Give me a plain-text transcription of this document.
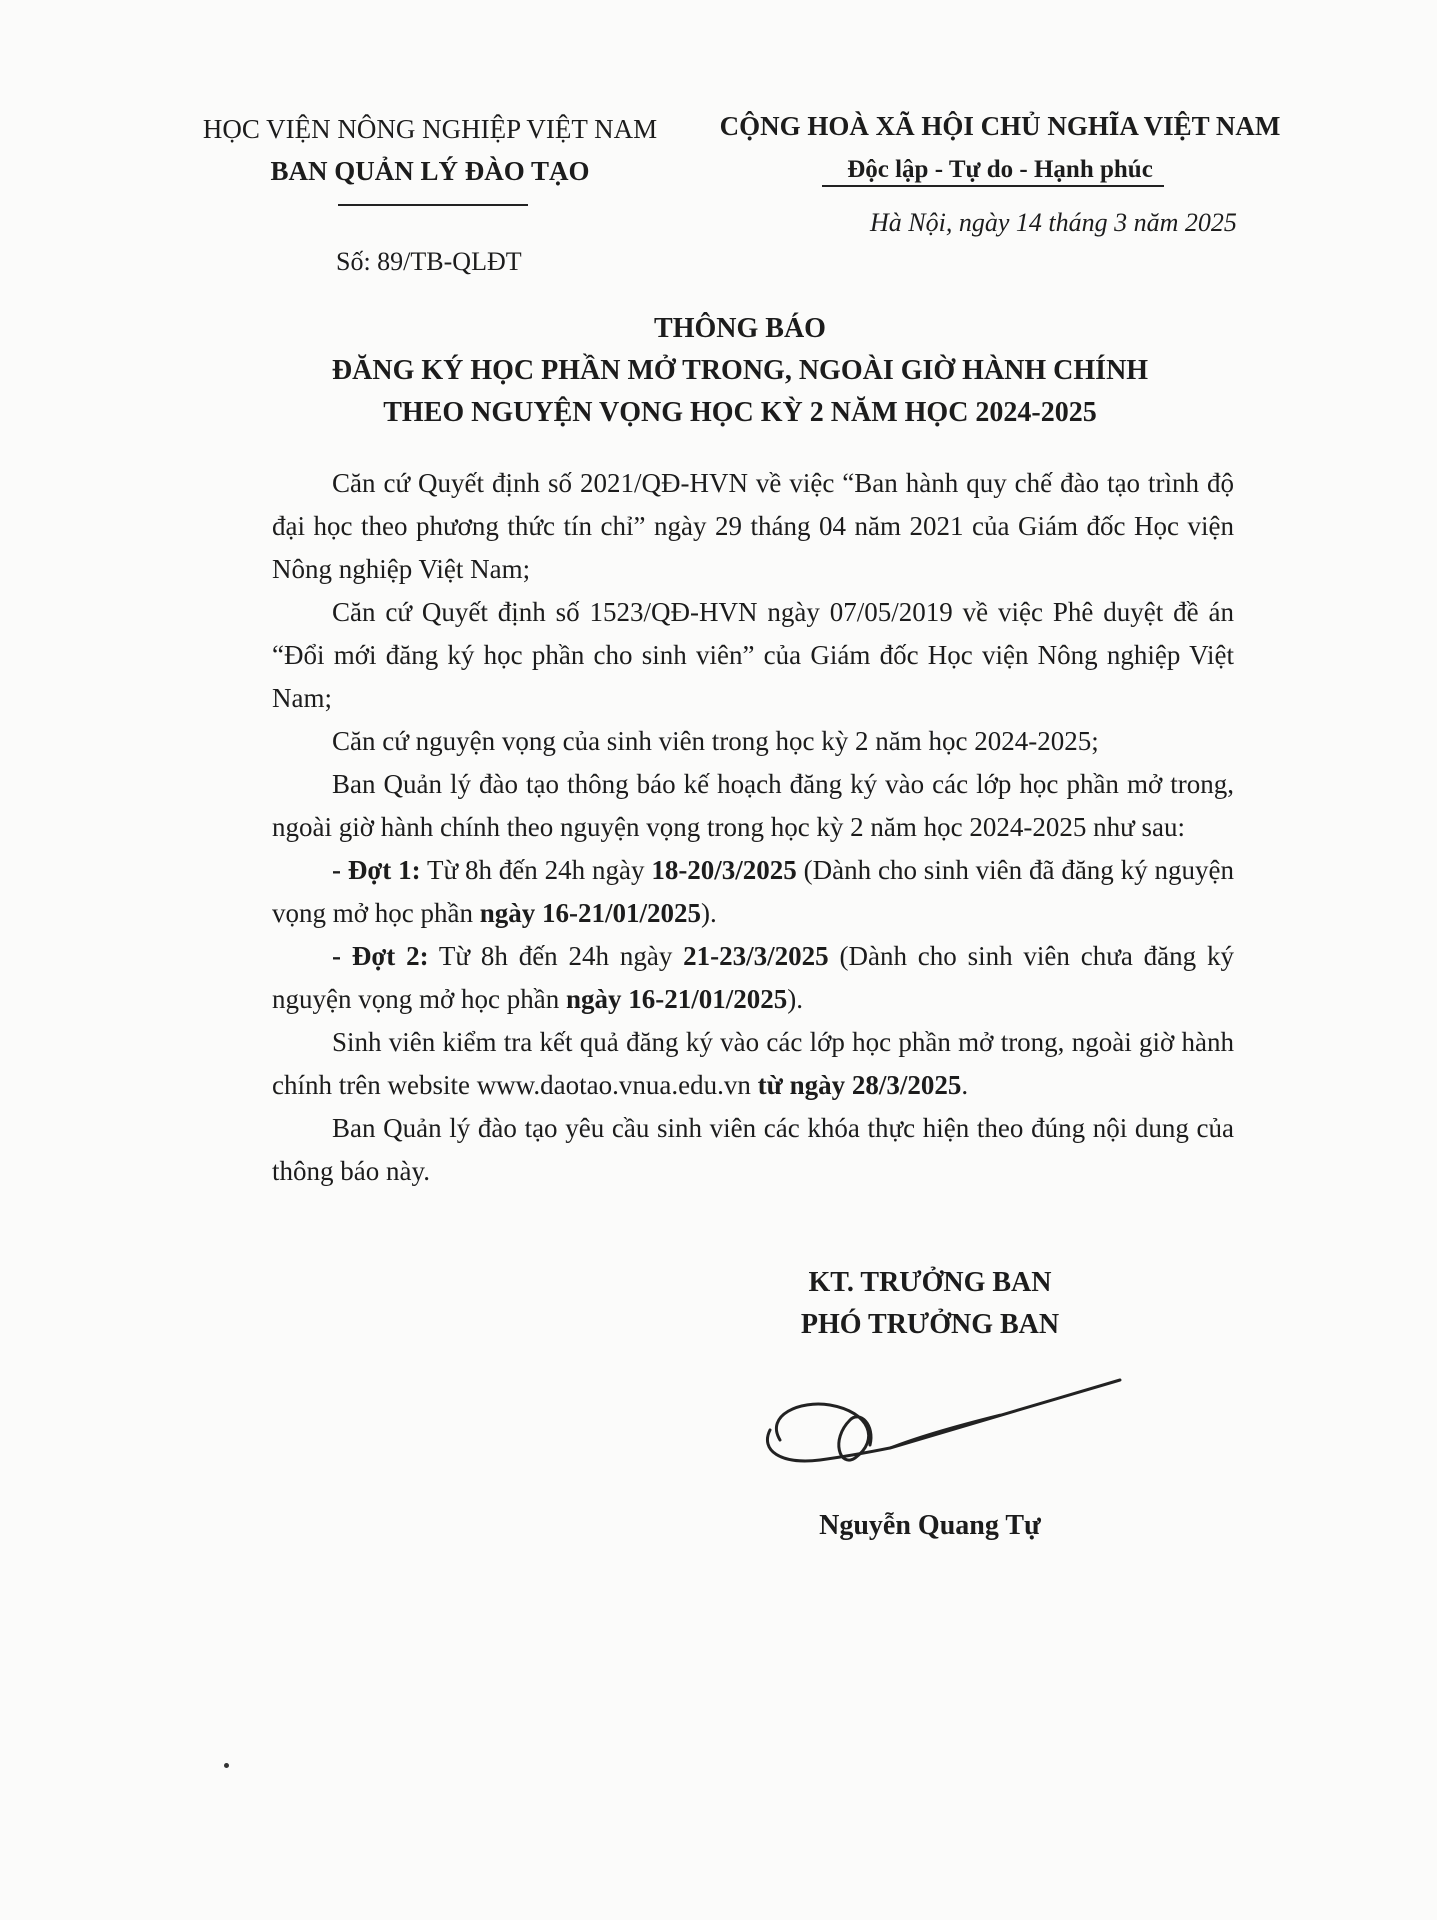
HỌC VIỆN NÔNG NGHIỆP VIỆT NAM
BAN QUẢN LÝ ĐÀO TẠO
CỘNG HOÀ XÃ HỘI CHỦ NGHĨA VIỆT NAM
Độc lập - Tự do - Hạnh phúc
Hà Nội, ngày 14 tháng 3 năm 2025
Số: 89/TB-QLĐT
THÔNG BÁO
ĐĂNG KÝ HỌC PHẦN MỞ TRONG, NGOÀI GIỜ HÀNH CHÍNH
THEO NGUYỆN VỌNG HỌC KỲ 2 NĂM HỌC 2024-2025

Căn cứ Quyết định số 2021/QĐ-HVN về việc “Ban hành quy chế đào tạo trình độ đại học theo phương thức tín chỉ” ngày 29 tháng 04 năm 2021 của Giám đốc Học viện Nông nghiệp Việt Nam;

Căn cứ Quyết định số 1523/QĐ-HVN ngày 07/05/2019 về việc Phê duyệt đề án “Đổi mới đăng ký học phần cho sinh viên” của Giám đốc Học viện Nông nghiệp Việt Nam;

Căn cứ nguyện vọng của sinh viên trong học kỳ 2 năm học 2024-2025;

Ban Quản lý đào tạo thông báo kế hoạch đăng ký vào các lớp học phần mở trong, ngoài giờ hành chính theo nguyện vọng trong học kỳ 2 năm học 2024-2025 như sau:

- Đợt 1: Từ 8h đến 24h ngày 18-20/3/2025 (Dành cho sinh viên đã đăng ký nguyện vọng mở học phần ngày 16-21/01/2025).

- Đợt 2: Từ 8h đến 24h ngày 21-23/3/2025 (Dành cho sinh viên chưa đăng ký nguyện vọng mở học phần ngày 16-21/01/2025).

Sinh viên kiểm tra kết quả đăng ký vào các lớp học phần mở trong, ngoài giờ hành chính trên website www.daotao.vnua.edu.vn từ ngày 28/3/2025.

Ban Quản lý đào tạo yêu cầu sinh viên các khóa thực hiện theo đúng nội dung của thông báo này.

KT. TRƯỞNG BAN
PHÓ TRƯỞNG BAN
Nguyễn Quang Tự
